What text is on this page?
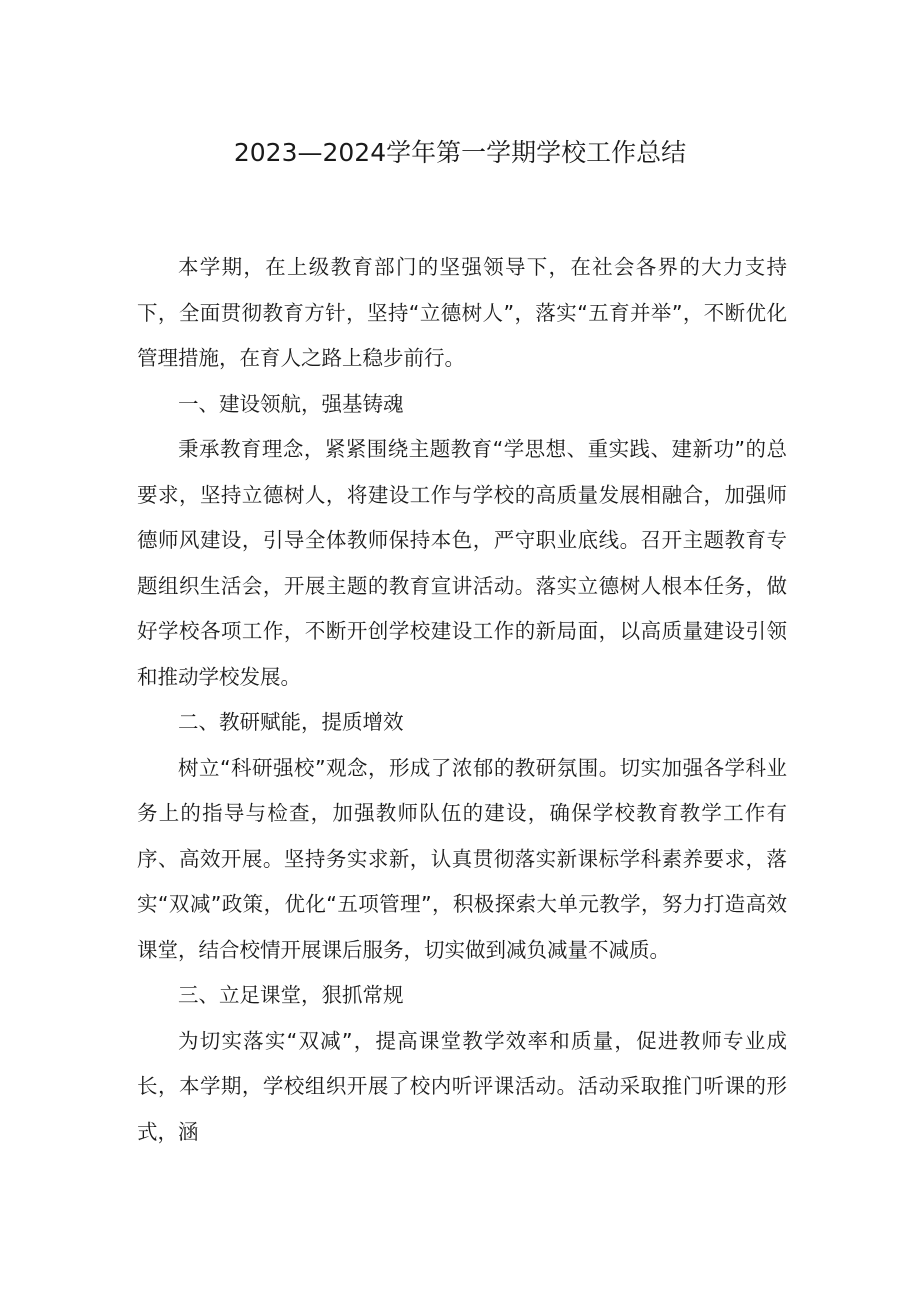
2023—2024学年第一学期学校工作总结

本学期，在上级教育部门的坚强领导下，在社会各界的大力支持下，全面贯彻教育方针，坚持“立德树人”，落实“五育并举”，不断优化管理措施，在育人之路上稳步前行。

一、建设领航，强基铸魂

秉承教育理念，紧紧围绕主题教育“学思想、重实践、建新功”的总要求，坚持立德树人，将建设工作与学校的高质量发展相融合，加强师德师风建设，引导全体教师保持本色，严守职业底线。召开主题教育专题组织生活会，开展主题的教育宣讲活动。落实立德树人根本任务，做好学校各项工作，不断开创学校建设工作的新局面，以高质量建设引领和推动学校发展。

二、教研赋能，提质增效

树立“科研强校”观念，形成了浓郁的教研氛围。切实加强各学科业务上的指导与检查，加强教师队伍的建设，确保学校教育教学工作有序、高效开展。坚持务实求新，认真贯彻落实新课标学科素养要求，落实“双减”政策，优化“五项管理”，积极探索大单元教学，努力打造高效课堂，结合校情开展课后服务，切实做到减负减量不减质。

三、立足课堂，狠抓常规

为切实落实“双减”，提高课堂教学效率和质量，促进教师专业成长，本学期，学校组织开展了校内听评课活动。活动采取推门听课的形式，涵
